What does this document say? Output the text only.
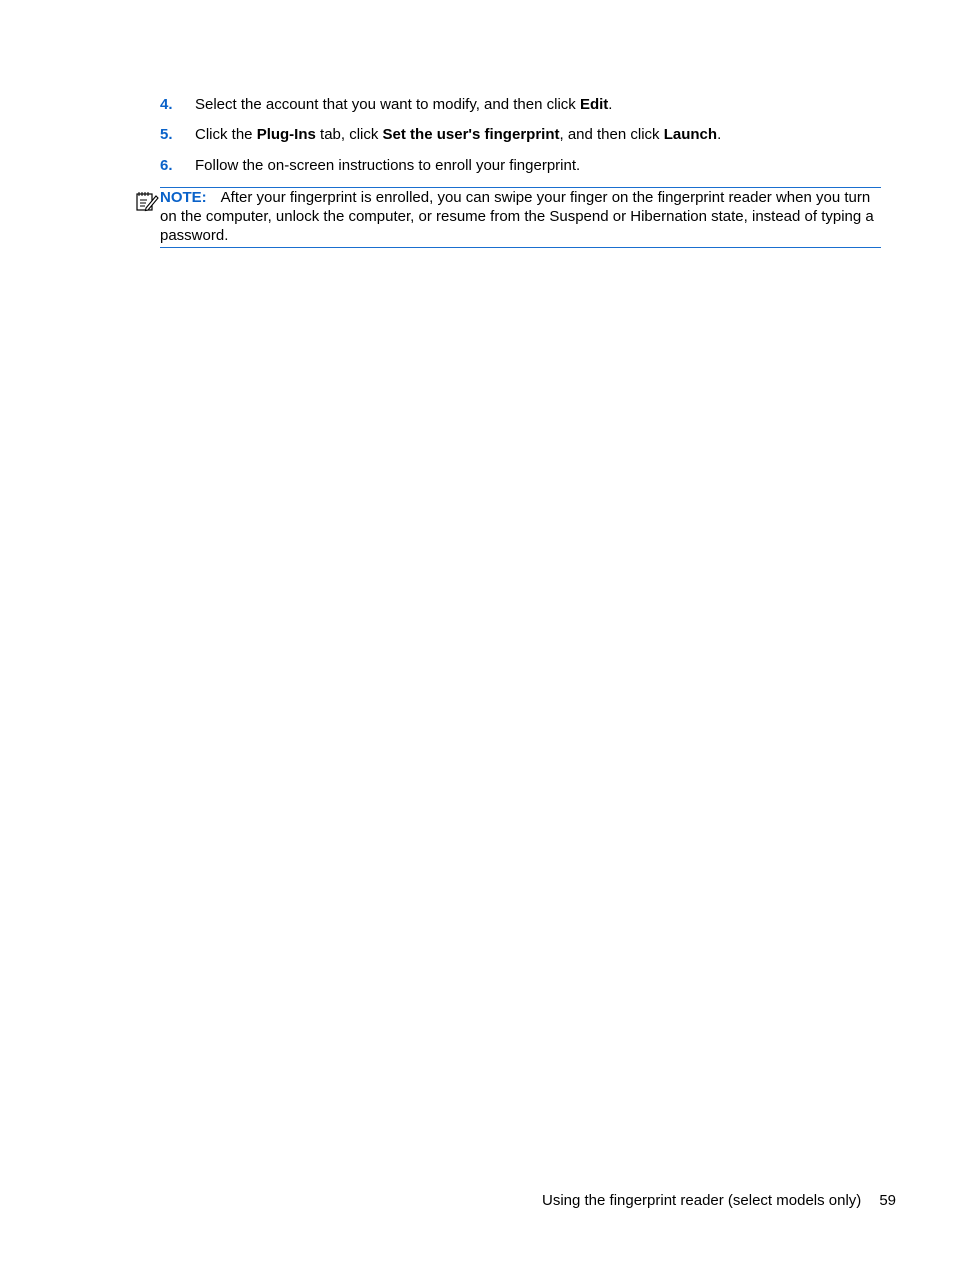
4. Select the account that you want to modify, and then click Edit.
5. Click the Plug-Ins tab, click Set the user's fingerprint, and then click Launch.
6. Follow the on-screen instructions to enroll your fingerprint.
NOTE: After your fingerprint is enrolled, you can swipe your finger on the fingerprint reader when you turn on the computer, unlock the computer, or resume from the Suspend or Hibernation state, instead of typing a password.
Using the fingerprint reader (select models only) 59
